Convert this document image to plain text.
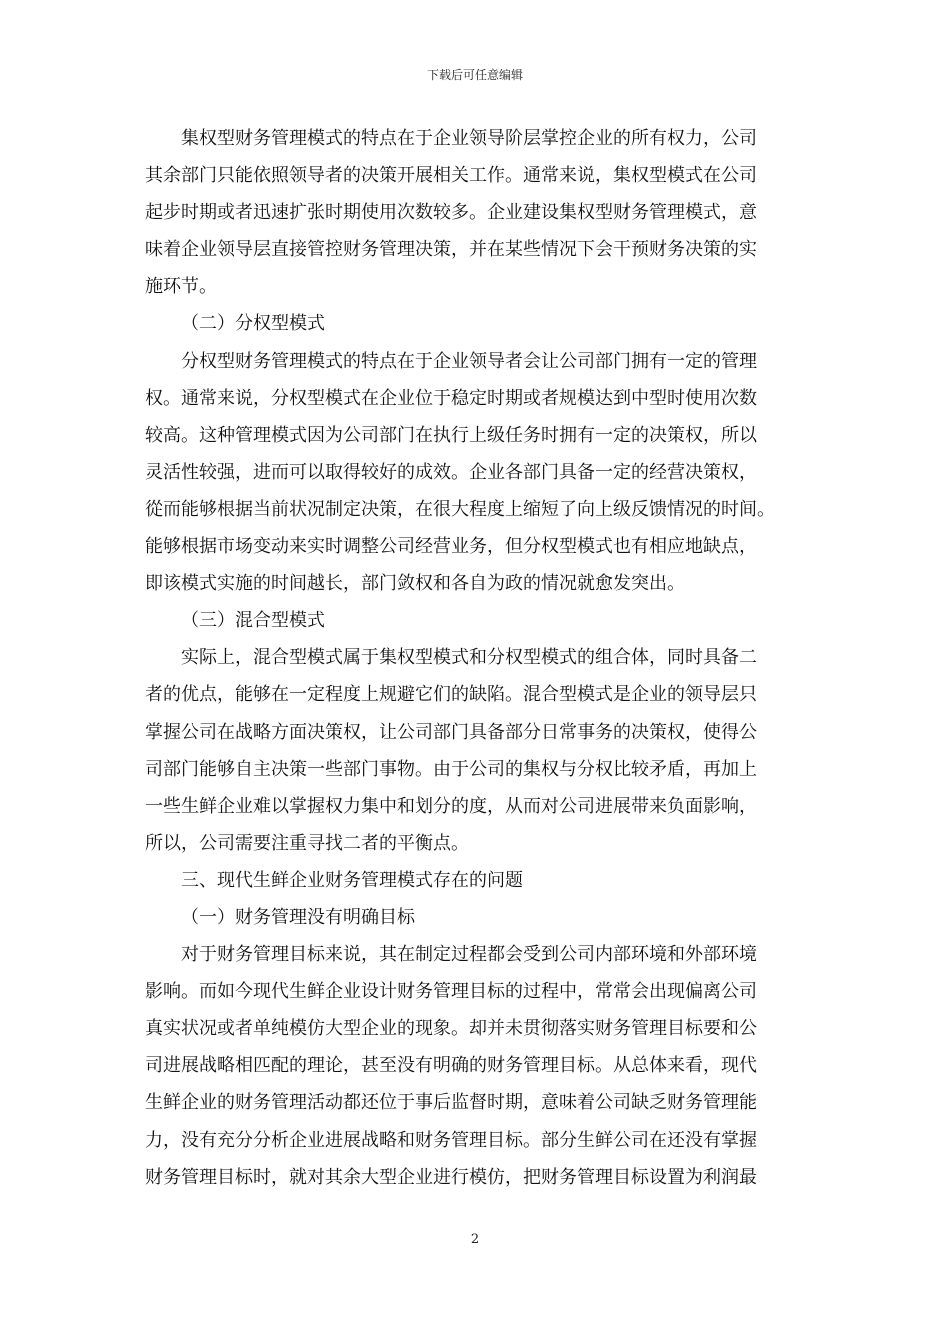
下载后可任意编辑
集权型财务管理模式的特点在于企业领导阶层掌控企业的所有权力，公司
其余部门只能依照领导者的决策开展相关工作。通常来说，集权型模式在公司
起步时期或者迅速扩张时期使用次数较多。企业建设集权型财务管理模式，意
味着企业领导层直接管控财务管理决策，并在某些情况下会干预财务决策的实
施环节。
（二）分权型模式
分权型财务管理模式的特点在于企业领导者会让公司部门拥有一定的管理
权。通常来说，分权型模式在企业位于稳定时期或者规模达到中型时使用次数
较高。这种管理模式因为公司部门在执行上级任务时拥有一定的决策权，所以
灵活性较强，进而可以取得较好的成效。企业各部门具备一定的经营决策权，
從而能够根据当前状况制定决策，在很大程度上缩短了向上级反馈情况的时间。
能够根据市场变动来实时调整公司经营业务，但分权型模式也有相应地缺点，
即该模式实施的时间越长，部门敛权和各自为政的情况就愈发突出。
（三）混合型模式
实际上，混合型模式属于集权型模式和分权型模式的组合体，同时具备二
者的优点，能够在一定程度上规避它们的缺陷。混合型模式是企业的领导层只
掌握公司在战略方面决策权，让公司部门具备部分日常事务的决策权，使得公
司部门能够自主决策一些部门事物。由于公司的集权与分权比较矛盾，再加上
一些生鲜企业难以掌握权力集中和划分的度，从而对公司进展带来负面影响，
所以，公司需要注重寻找二者的平衡点。
三、现代生鲜企业财务管理模式存在的问题
（一）财务管理没有明确目标
对于财务管理目标来说，其在制定过程都会受到公司内部环境和外部环境
影响。而如今现代生鲜企业设计财务管理目标的过程中，常常会出现偏离公司
真实状况或者单纯模仿大型企业的现象。却并未贯彻落实财务管理目标要和公
司进展战略相匹配的理论，甚至没有明确的财务管理目标。从总体来看，现代
生鲜企业的财务管理活动都还位于事后监督时期，意味着公司缺乏财务管理能
力，没有充分分析企业进展战略和财务管理目标。部分生鲜公司在还没有掌握
财务管理目标时，就对其余大型企业进行模仿，把财务管理目标设置为利润最
2
